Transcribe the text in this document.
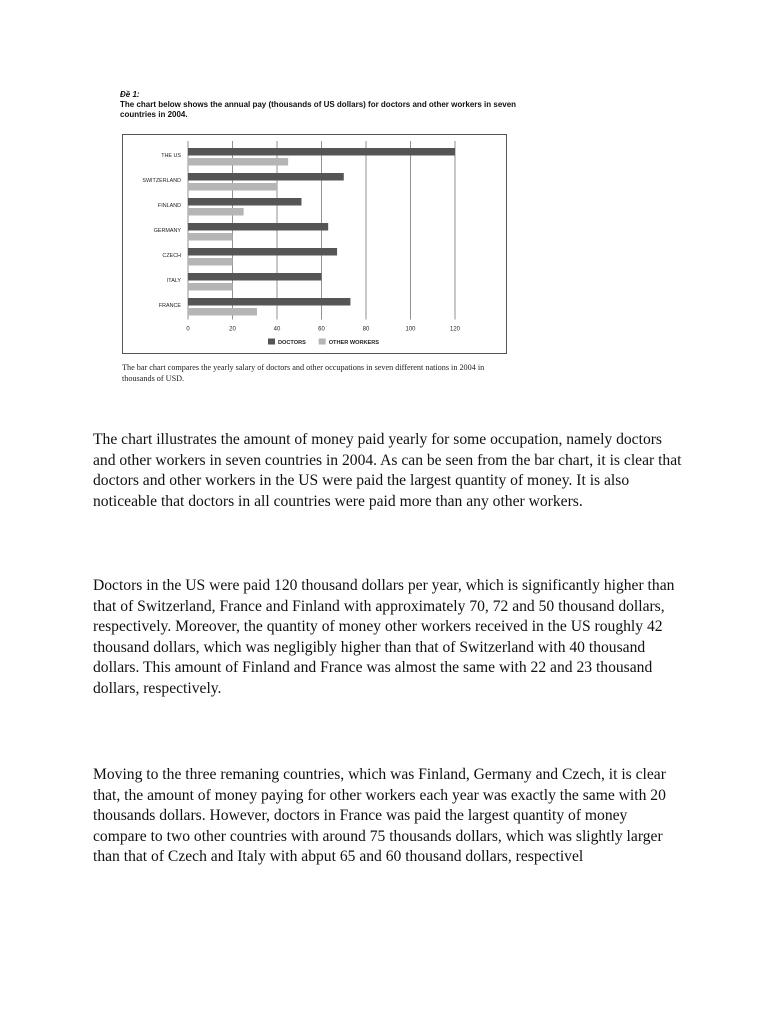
Đề 1:
The chart below shows the annual pay (thousands of US dollars) for doctors and other workers in seven countries in 2004.

0	20	40	60	80	100	120
THE US
SWITZERLAND
FINLAND
GERMANY
CZECH
ITALY
FRANCE
DOCTORS	OTHER WORKERS
The bar chart compares the yearly salary of doctors and other occupations in seven different nations in 2004 in thousands of USD.

The chart illustrates the amount of money paid yearly for some occupation, namely doctors and other workers in seven countries in 2004. As can be seen from the bar chart, it is clear that doctors and other workers in the US were paid the largest quantity of money. It is also noticeable that doctors in all countries were paid more than any other workers.

Doctors in the US were paid 120 thousand dollars per year, which is significantly higher than that of Switzerland, France and Finland with approximately 70, 72 and 50 thousand dollars, respectively. Moreover, the quantity of money other workers received in the US roughly 42 thousand dollars, which was negligibly higher than that of Switzerland with 40 thousand dollars. This amount of Finland and France was almost the same with 22 and 23 thousand dollars, respectively.

Moving to the three remaning countries, which was Finland, Germany and Czech, it is clear that, the amount of money paying for other workers each year was exactly the same with 20 thousands dollars. However, doctors in France was paid the largest quantity of money compare to two other countries with around 75 thousands dollars, which was slightly larger than that of Czech and Italy with abput 65 and 60 thousand dollars, respectivel
